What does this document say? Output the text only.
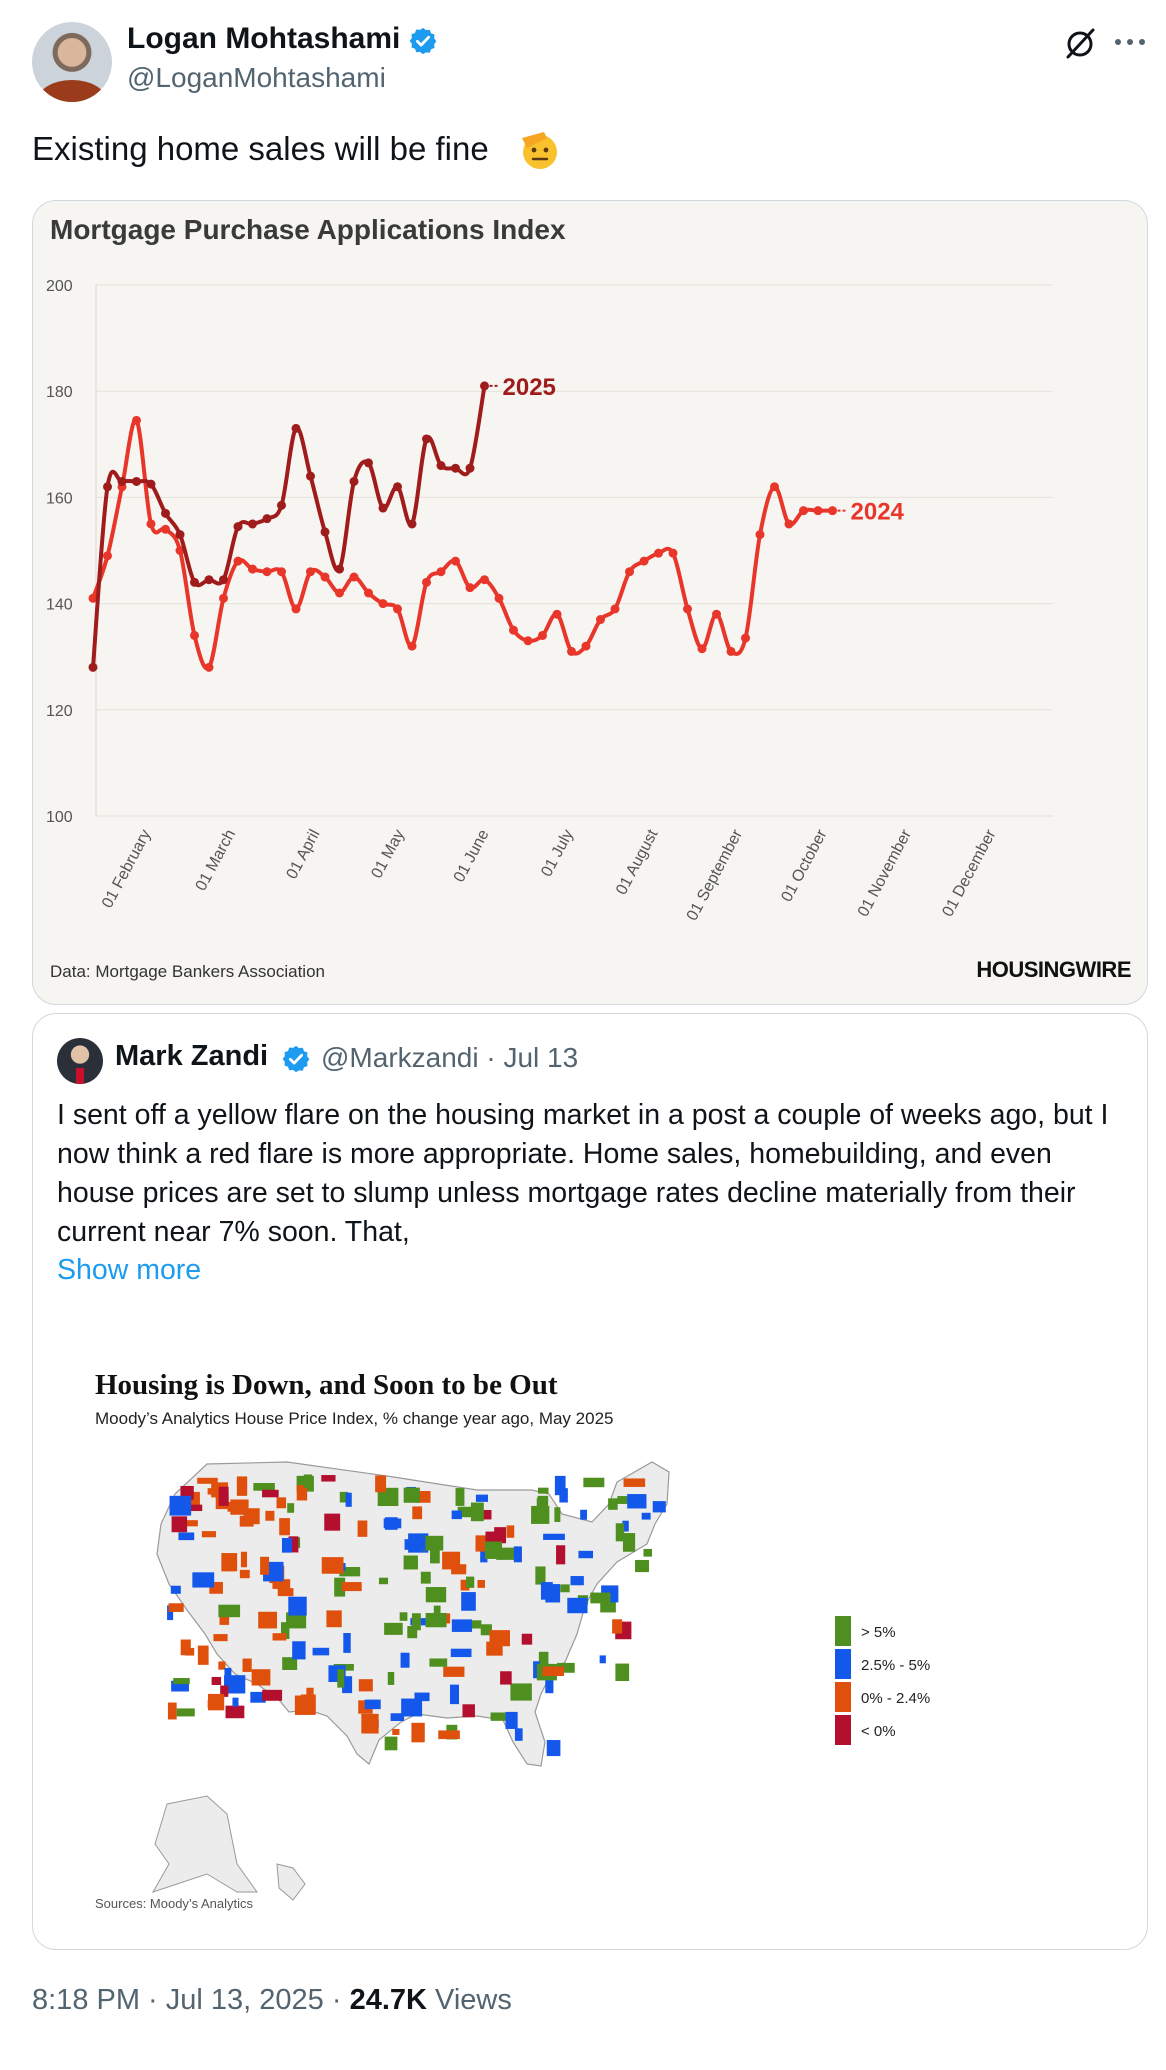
Logan Mohtashami
@LoganMohtashami
Existing home sales will be fine
Mortgage Purchase Applications Index
100
120
140
160
180
200
01 February 01 March	01 April	01 May	01 June	01 July 01 August 01 September 01 October 01 November 01 December
2024
2025
Data: Mortgage Bankers Association	HOUSINGWIRE
Mark Zandi @Markzandi · Jul 13
I sent off a yellow flare on the housing market in a post a couple of weeks ago, but I now think a red flare is more appropriate. Home sales, homebuilding, and even house prices are set to slump unless mortgage rates decline materially from their current near 7% soon. That,
Show more
Housing is Down, and Soon to be Out
Moody’s Analytics House Price Index, % change year ago, May 2025
Sources: Moody’s Analytics
> 5%
2.5% - 5%
0% - 2.4%
< 0%
8:18 PM · Jul 13, 2025 · 24.7K Views
